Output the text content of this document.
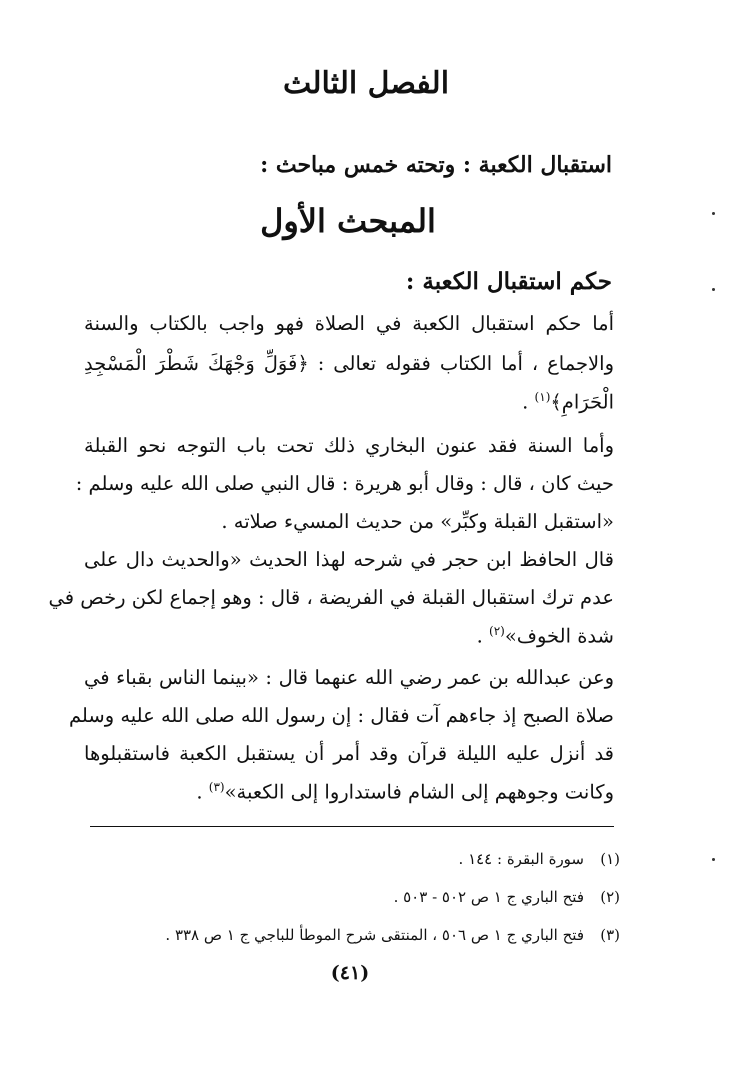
الفصل الثالث
استقبال الكعبة : وتحته خمس مباحث :
المبحث الأول
حكم استقبال الكعبة :
أما حكم استقبال الكعبة في الصلاة فهو واجب بالكتاب والسنة
والاجماع ، أما الكتاب فقوله تعالى : ﴿فَوَلِّ وَجْهَكَ شَطْرَ الْمَسْجِدِ
الْحَرَامِ﴾$^{(١)}$ .
وأما السنة فقد عنون البخاري ذلك تحت باب التوجه نحو القبلة
حيث كان ، قال : وقال أبو هريرة : قال النبي صلى الله عليه وسلم :
«استقبل القبلة وكبِّر» من حديث المسيء صلاته .
قال الحافظ ابن حجر في شرحه لهذا الحديث «والحديث دال على
عدم ترك استقبال القبلة في الفريضة ، قال : وهو إجماع لكن رخص في
شدة الخوف»$^{(٢)}$ .
وعن عبدالله بن عمر رضي الله عنهما قال : «بينما الناس بقباء في
صلاة الصبح إذ جاءهم آت فقال : إن رسول الله صلى الله عليه وسلم
قد أنزل عليه الليلة قرآن وقد أمر أن يستقبل الكعبة فاستقبلوها
وكانت وجوههم إلى الشام فاستداروا إلى الكعبة»$^{(٣)}$ .
(١)سورة البقرة : ١٤٤ .
(٢)فتح الباري ج ١ ص ٥٠٢ - ٥٠٣ .
(٣)فتح الباري ج ١ ص ٥٠٦ ، المنتقى شرح الموطأ للباجي ج ١ ص ٣٣٨ .
(٤١)
